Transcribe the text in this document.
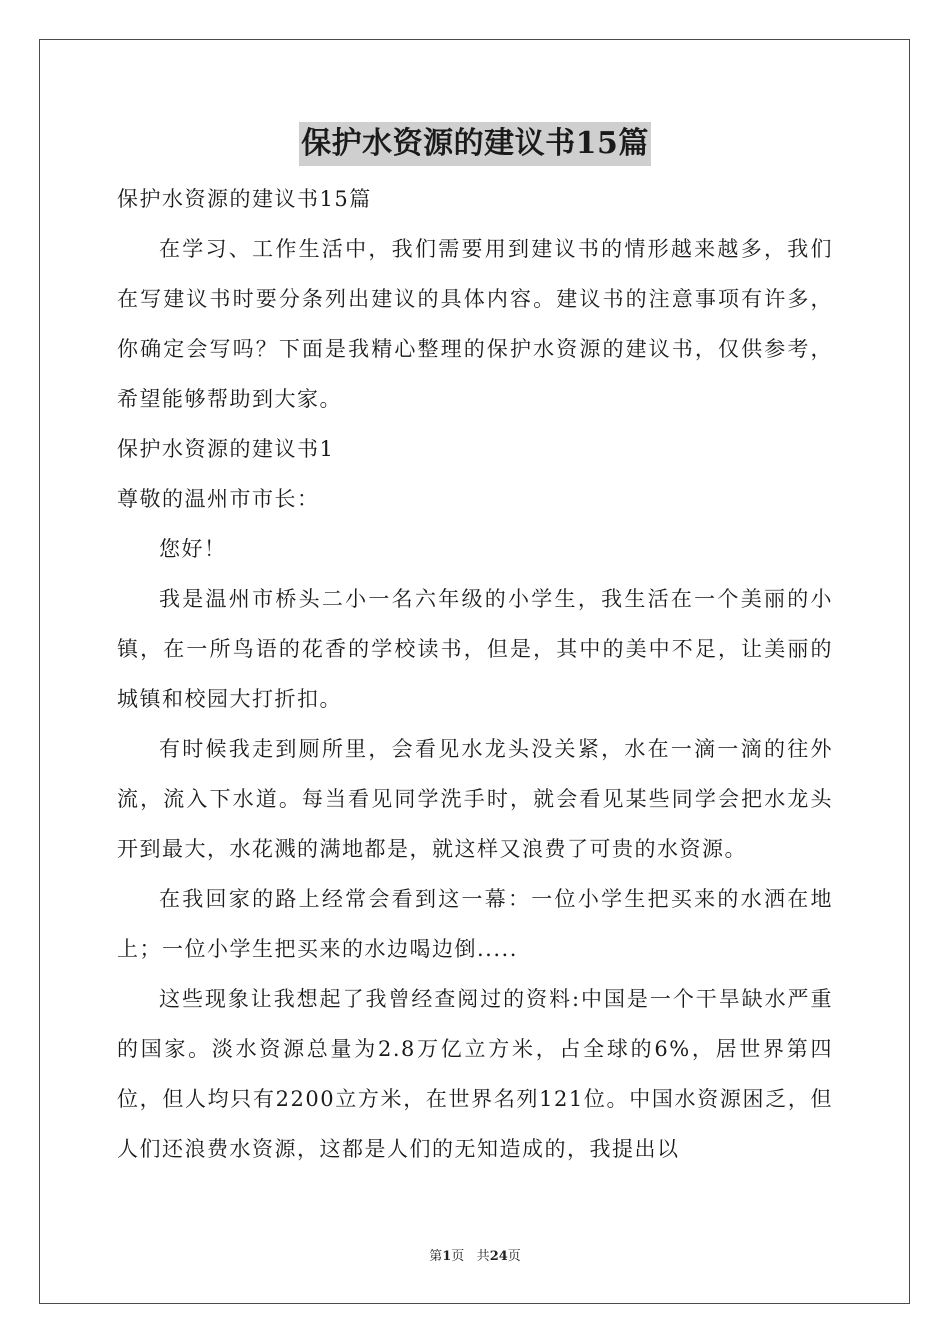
保护水资源的建议书15篇

保护水资源的建议书15篇

在学习、工作生活中，我们需要用到建议书的情形越来越多，我们在写建议书时要分条列出建议的具体内容。建议书的注意事项有许多，你确定会写吗？下面是我精心整理的保护水资源的建议书，仅供参考，希望能够帮助到大家。

保护水资源的建议书1

尊敬的温州市市长：

您好！

我是温州市桥头二小一名六年级的小学生，我生活在一个美丽的小镇，在一所鸟语的花香的学校读书，但是，其中的美中不足，让美丽的城镇和校园大打折扣。

有时候我走到厕所里，会看见水龙头没关紧，水在一滴一滴的往外流，流入下水道。每当看见同学洗手时，就会看见某些同学会把水龙头开到最大，水花溅的满地都是，就这样又浪费了可贵的水资源。

在我回家的路上经常会看到这一幕：一位小学生把买来的水洒在地上；一位小学生把买来的水边喝边倒.....

这些现象让我想起了我曾经查阅过的资料:中国是一个干旱缺水严重的国家。淡水资源总量为2.8万亿立方米，占全球的6%，居世界第四位，但人均只有2200立方米，在世界名列121位。中国水资源困乏，但人们还浪费水资源，这都是人们的无知造成的，我提出以

第1页 共24页
